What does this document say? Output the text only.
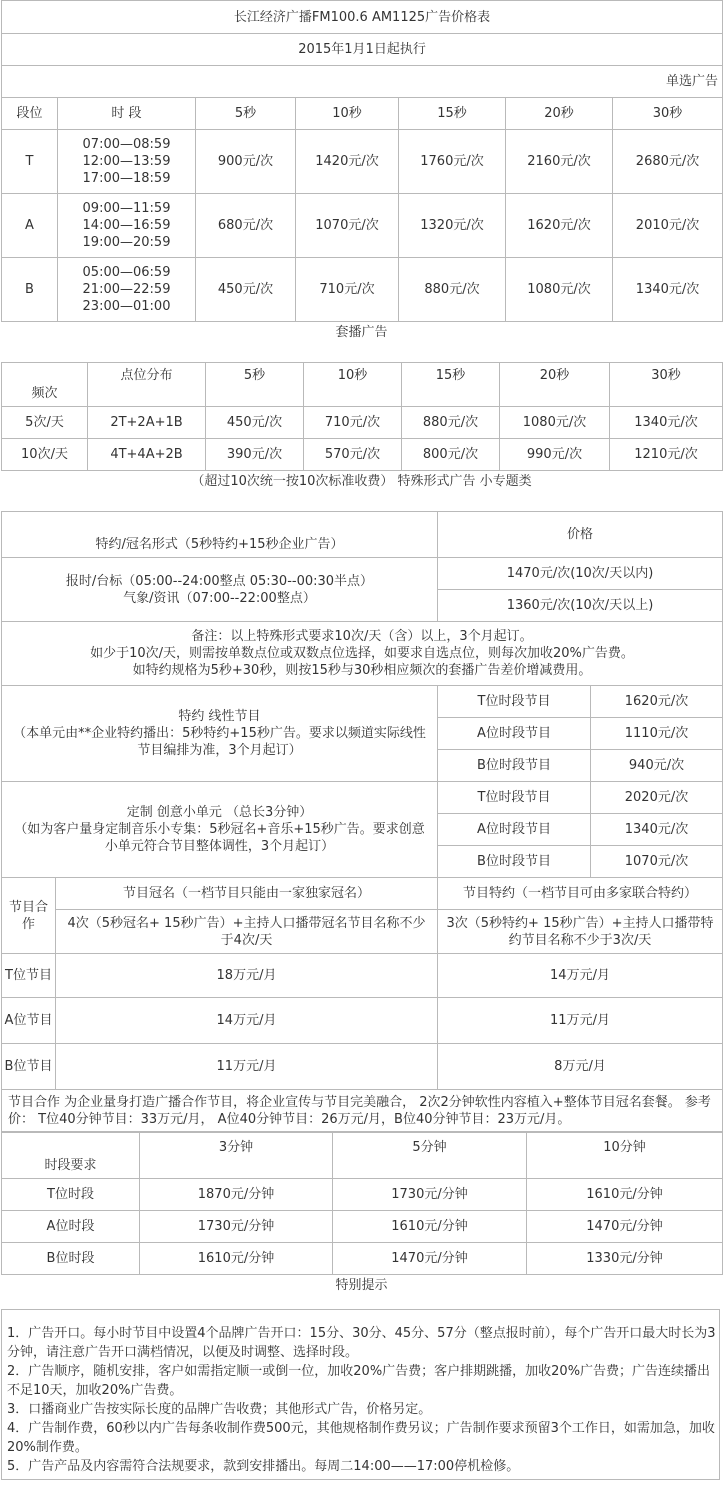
长江经济广播FM100.6 AM1125广告价格表						
2015年1月1日起执行						
单选广告						
段位	时 段	5秒	10秒	15秒	20秒	30秒
T	07:00—08:59
12:00—13:59
17:00—18:59	900元/次	1420元/次	1760元/次	2160元/次	2680元/次
A	09:00—11:59
14:00—16:59
19:00—20:59	680元/次	1070元/次	1320元/次	1620元/次	2010元/次
B	05:00—06:59
21:00—22:59
23:00—01:00	450元/次	710元/次	880元/次	1080元/次	1340元/次
套播广告
频次	点位分布	5秒	10秒	15秒	20秒	30秒
5次/天	2T+2A+1B	450元/次	710元/次	880元/次	1080元/次	1340元/次
10次/天	4T+4A+2B	390元/次	570元/次	800元/次	990元/次	1210元/次
（超过10次统一按10次标准收费） 特殊形式广告 小专题类
特约/冠名形式（5秒特约+15秒企业广告）		价格	

报时/台标（05:00--24:00整点 05:30--00:30半点）
气象/资讯（07:00--22:00整点）		1470元/次(10次/天以内)	
		1360元/次(10次/天以上)	

备注：以上特殊形式要求10次/天（含）以上，3个月起订。
如少于10次/天，则需按单数点位或双数点位选择，如要求自选点位，则每次加收20%广告费。
如特约规格为5秒+30秒，则按15秒与30秒相应频次的套播广告差价增减费用。			

特约 线性节目
（本单元由**企业特约播出：5秒特约+15秒广告。要求以频道实际线性节目编排为准，3个月起订）		T位时段节目	1620元/次
		A位时段节目	1110元/次
		B位时段节目	940元/次

定制 创意小单元 （总长3分钟）
（如为客户量身定制音乐小专集：5秒冠名+音乐+15秒广告。要求创意小单元符合节目整体调性，3个月起订）		T位时段节目	2020元/次
		A位时段节目	1340元/次
		B位时段节目	1070元/次
节目合作	节目冠名（一档节目只能由一家独家冠名）	节目特约（一档节目可由多家联合特约）	
	4次（5秒冠名+ 15秒广告）+主持人口播带冠名节目名称不少于4次/天	3次（5秒特约+ 15秒广告）+主持人口播带特约节目名称不少于3次/天	
T位节目	18万元/月	14万元/月	
A位节目	14万元/月	11万元/月	
B位节目	11万元/月	8万元/月	
节目合作 为企业量身打造广播合作节目，将企业宣传与节目完美融合， 2次2分钟软性内容植入+整体节目冠名套餐。 参考价： T位40分钟节目：33万元/月， A位40分钟节目：26万元/月，B位40分钟节目：23万元/月。			
时段要求	3分钟	5分钟	10分钟
T位时段	1870元/分钟	1730元/分钟	1610元/分钟
A位时段	1730元/分钟	1610元/分钟	1470元/分钟
B位时段	1610元/分钟	1470元/分钟	1330元/分钟
特别提示
1．广告开口。每小时节目中设置4个品牌广告开口：15分、30分、45分、57分（整点报时前），每个广告开口最大时长为3分钟，请注意广告开口满档情况，以便及时调整、选择时段。
2．广告顺序，随机安排，客户如需指定顺一或倒一位，加收20%广告费；客户排期跳播，加收20%广告费；广告连续播出不足10天，加收20%广告费。
3．口播商业广告按实际长度的品牌广告收费；其他形式广告，价格另定。
4．广告制作费，60秒以内广告每条收制作费500元，其他规格制作费另议；广告制作要求预留3个工作日，如需加急，加收20%制作费。
5．广告产品及内容需符合法规要求，款到安排播出。每周二14:00——17:00停机检修。
